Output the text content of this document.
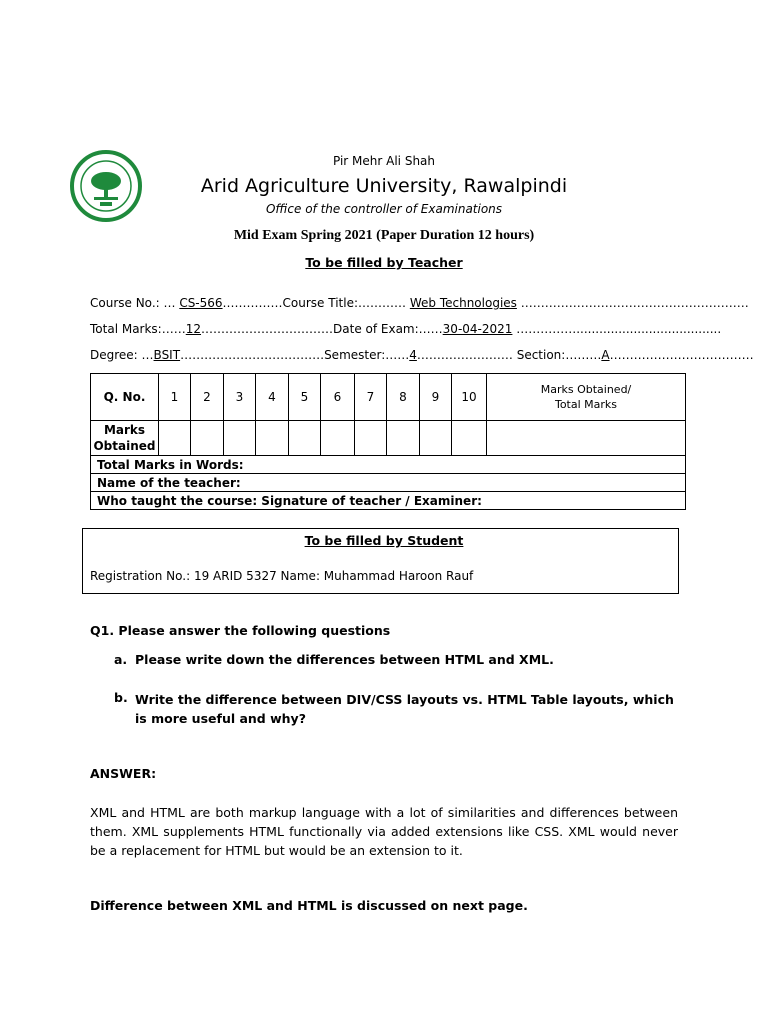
Pir Mehr Ali Shah
Arid Agriculture University, Rawalpindi
Office of the controller of Examinations
Mid Exam Spring 2021 (Paper Duration 12 hours)
To be filled by Teacher
Course No.: … CS-566……………Course Title:………… Web Technologies …………………………………………………
Total Marks:……12……………………………Date of Exam:……30-04-2021 ……………......................................
Degree: …BSIT………………………………Semester:……4…………………… Section:………A………………………………
Q. No.	1	2	3	4	5	6	7	8	9	10	Marks Obtained/ Total Marks
Marks Obtained											
Total Marks in Words:											
Name of the teacher:											
Who taught the course: Signature of teacher / Examiner:											
To be filled by Student
Registration No.: 19 ARID 5327 Name: Muhammad Haroon Rauf
Q1. Please answer the following questions
a. Please write down the differences between HTML and XML.
b. Write the difference between DIV/CSS layouts vs. HTML Table layouts, which is more useful and why?
ANSWER:
XML and HTML are both markup language with a lot of similarities and differences between them. XML supplements HTML functionally via added extensions like CSS. XML would never be a replacement for HTML but would be an extension to it.
Difference between XML and HTML is discussed on next page.
